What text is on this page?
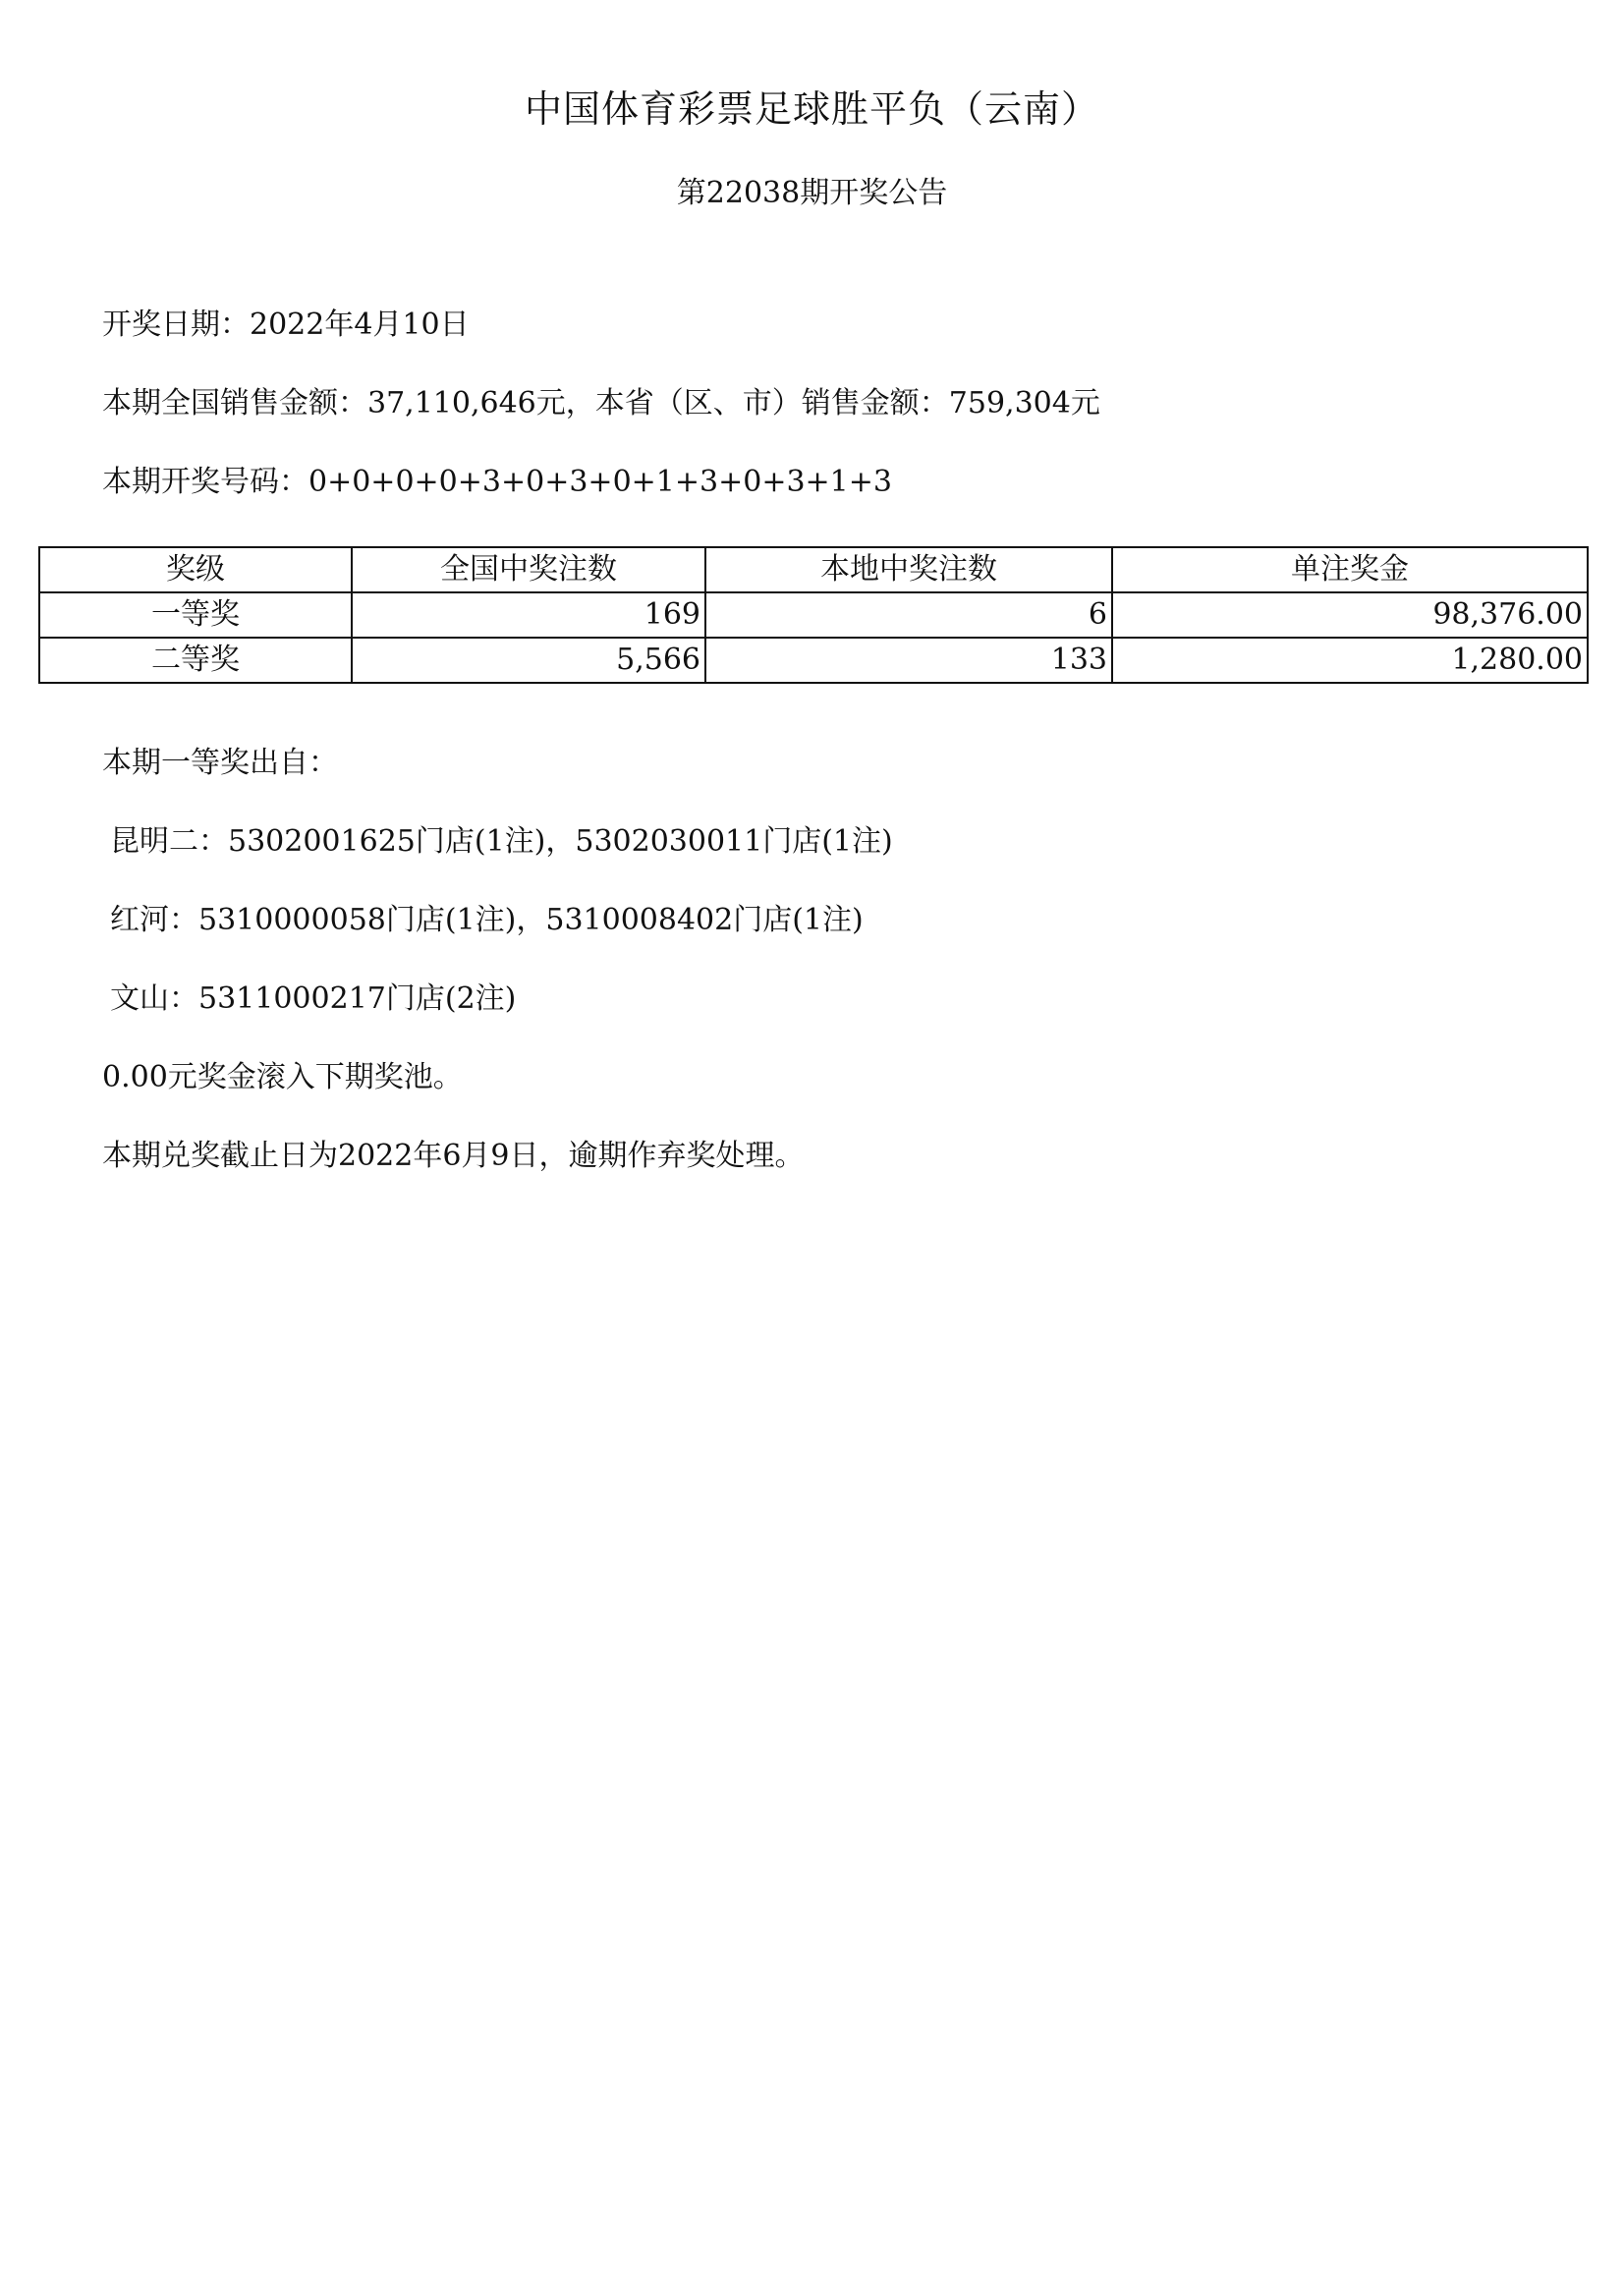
中国体育彩票足球胜平负（云南）
第22038期开奖公告
开奖日期：2022年4月10日
本期全国销售金额：37,110,646元，本省（区、市）销售金额：759,304元
本期开奖号码：0+0+0+0+3+0+3+0+1+3+0+3+1+3
奖级	全国中奖注数	本地中奖注数	单注奖金
一等奖	169	6	98,376.00
二等奖	5,566	133	1,280.00
本期一等奖出自：
昆明二：5302001625门店(1注)，5302030011门店(1注)
红河：5310000058门店(1注)，5310008402门店(1注)
文山：5311000217门店(2注)
0.00元奖金滚入下期奖池。
本期兑奖截止日为2022年6月9日，逾期作弃奖处理。
